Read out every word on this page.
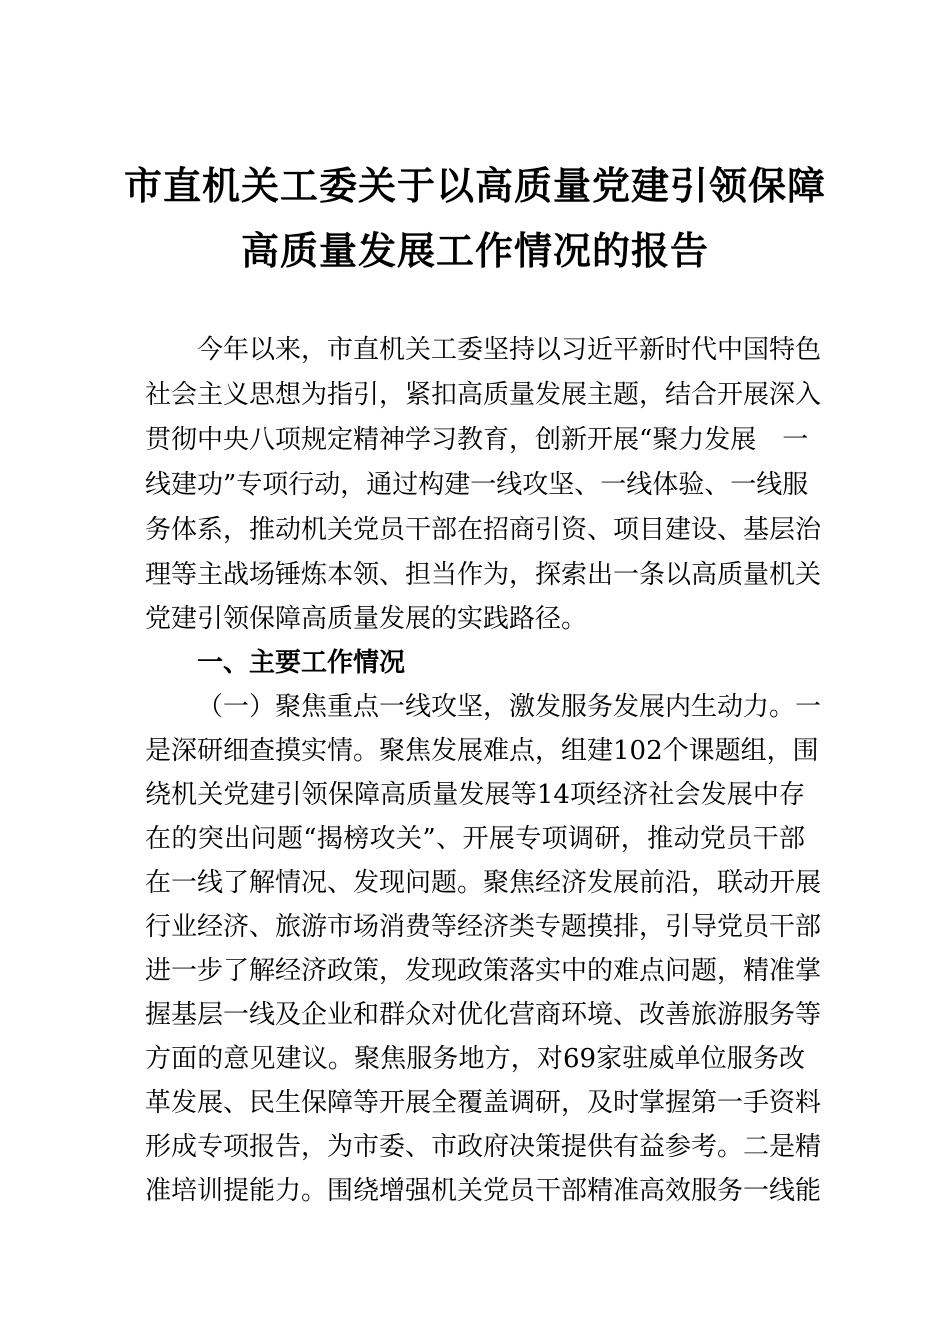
市直机关工委关于以高质量党建引领保障
高质量发展工作情况的报告
今年以来，市直机关工委坚持以习近平新时代中国特色
社会主义思想为指引，紧扣高质量发展主题，结合开展深入
贯彻中央八项规定精神学习教育，创新开展“聚力发展　一
线建功”专项行动，通过构建一线攻坚、一线体验、一线服
务体系，推动机关党员干部在招商引资、项目建设、基层治
理等主战场锤炼本领、担当作为，探索出一条以高质量机关
党建引领保障高质量发展的实践路径。
一、主要工作情况
（一）聚焦重点一线攻坚，激发服务发展内生动力。一
是深研细查摸实情。聚焦发展难点，组建102个课题组，围
绕机关党建引领保障高质量发展等14项经济社会发展中存
在的突出问题“揭榜攻关”、开展专项调研，推动党员干部
在一线了解情况、发现问题。聚焦经济发展前沿，联动开展
行业经济、旅游市场消费等经济类专题摸排，引导党员干部
进一步了解经济政策，发现政策落实中的难点问题，精准掌
握基层一线及企业和群众对优化营商环境、改善旅游服务等
方面的意见建议。聚焦服务地方，对69家驻威单位服务改
革发展、民生保障等开展全覆盖调研，及时掌握第一手资料
形成专项报告，为市委、市政府决策提供有益参考。二是精
准培训提能力。围绕增强机关党员干部精准高效服务一线能
